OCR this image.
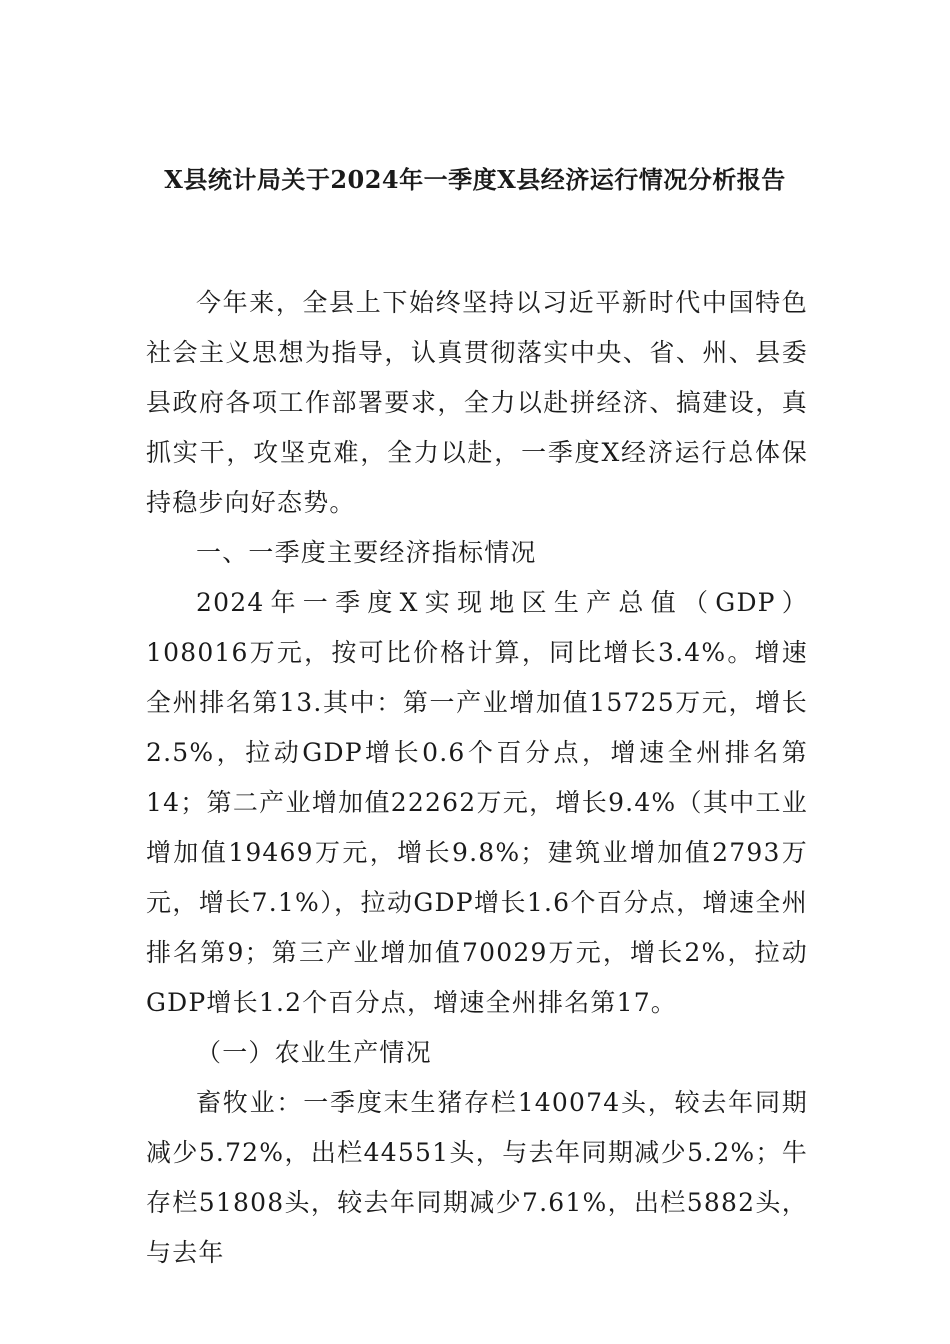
X县统计局关于2024年一季度X县经济运行情况分析报告

今年来，全县上下始终坚持以习近平新时代中国特色社会主义思想为指导，认真贯彻落实中央、省、州、县委县政府各项工作部署要求，全力以赴拼经济、搞建设，真抓实干，攻坚克难，全力以赴，一季度X经济运行总体保持稳步向好态势。

一、一季度主要经济指标情况

2024年一季度X实现地区生产总值（GDP）108016万元，按可比价格计算，同比增长3.4%。增速全州排名第13.其中：第一产业增加值15725万元，增长2.5%，拉动GDP增长0.6个百分点，增速全州排名第14；第二产业增加值22262万元，增长9.4%（其中工业增加值19469万元，增长9.8%；建筑业增加值2793万元，增长7.1%），拉动GDP增长1.6个百分点，增速全州排名第9；第三产业增加值70029万元，增长2%，拉动GDP增长1.2个百分点，增速全州排名第17。

（一）农业生产情况

畜牧业：一季度末生猪存栏140074头，较去年同期减少5.72%，出栏44551头，与去年同期减少5.2%；牛存栏51808头，较去年同期减少7.61%，出栏5882头，与去年
